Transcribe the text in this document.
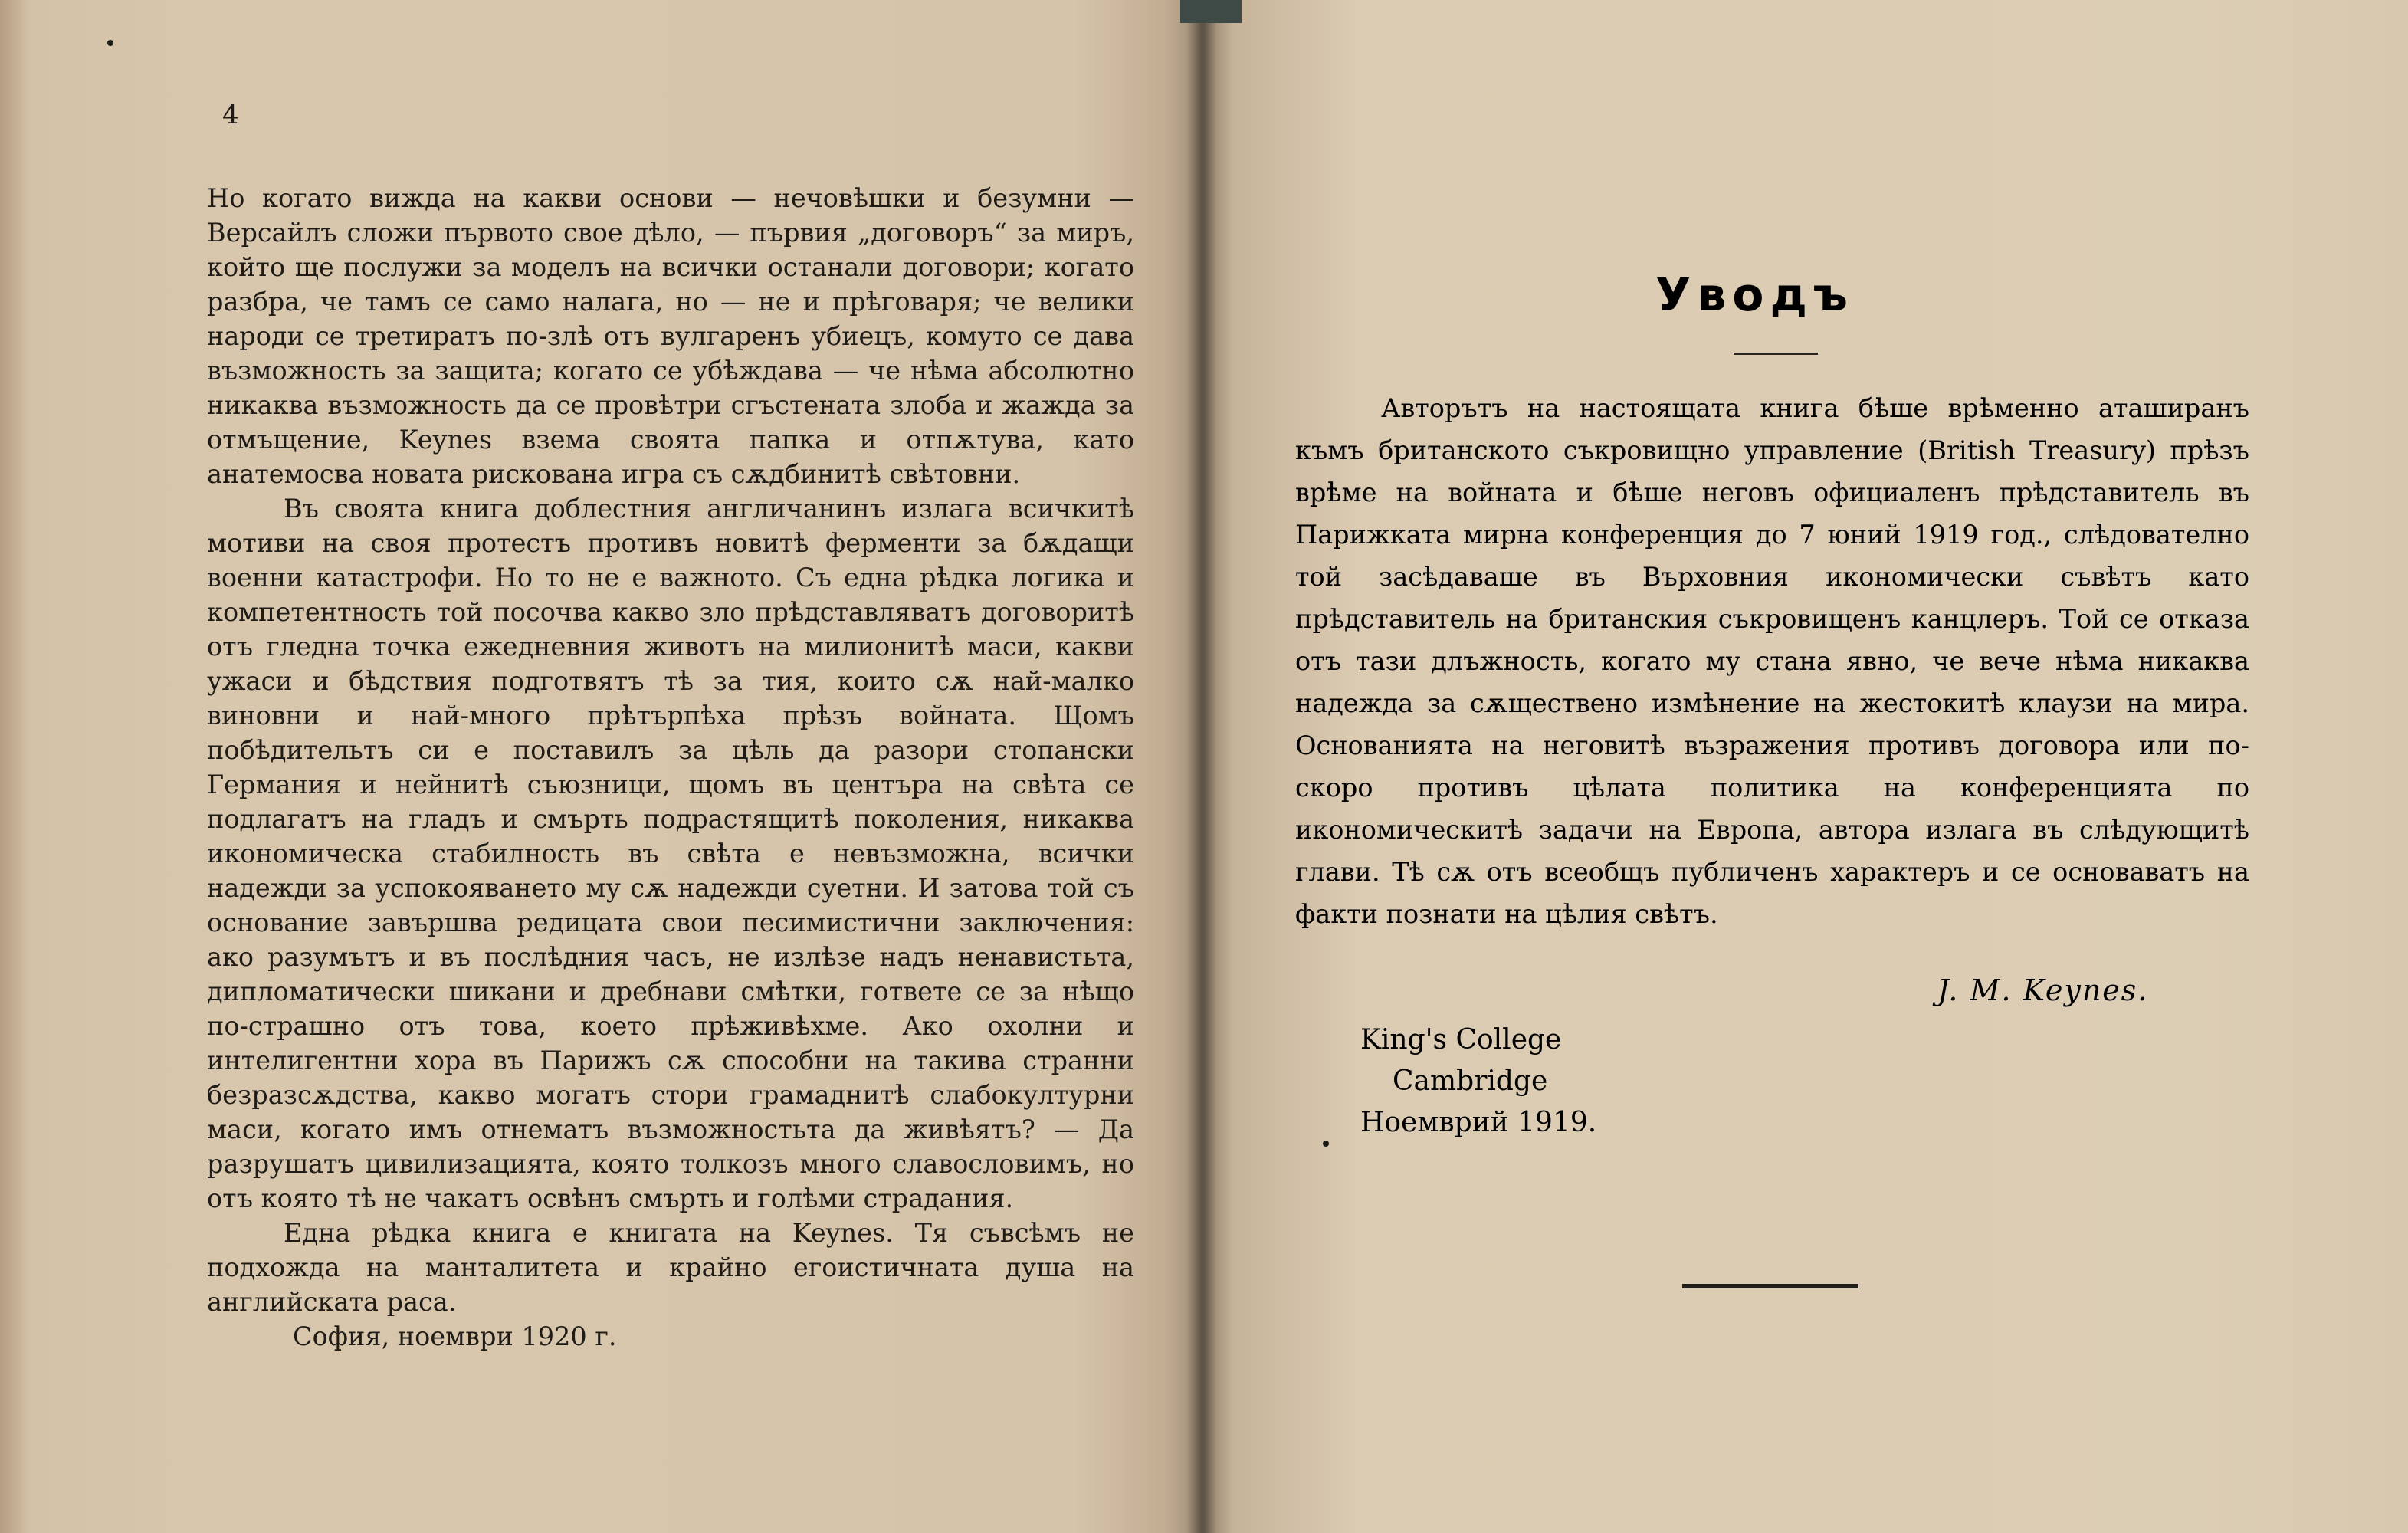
4

Но когато вижда на какви основи — нечовѣшки и безумни — Версайлъ сложи първото свое дѣло, — първия „договоръ“ за миръ, който ще послужи за моделъ на всички останали договори; когато разбра, че тамъ се само налага, но — не и прѣговаря; че велики народи се третиратъ по-злѣ отъ вулгаренъ убиецъ, комуто се дава възможность за защита; когато се убѣждава — че нѣма абсолютно никаква възможность да се провѣтри сгъстената злоба и жажда за отмъщение, Keynes взема своята папка и отпѫтува, като анатемосва новата рискована игра съ сѫдбинитѣ свѣтовни.

Въ своята книга доблестния англичанинъ излага всичкитѣ мотиви на своя протестъ противъ новитѣ ферменти за бѫдащи военни катастрофи. Но то не е важното. Съ една рѣдка логика и компетентность той посочва какво зло прѣдставляватъ договоритѣ отъ гледна точка ежедневния животъ на милионитѣ маси, какви ужаси и бѣдствия подготвятъ тѣ за тия, които сѫ най-малко виновни и най-много прѣтърпѣха прѣзъ войната. Щомъ побѣдительтъ си е поставилъ за цѣль да разори стопански Германия и нейнитѣ съюзници, щомъ въ центъра на свѣта се подлагатъ на гладъ и смърть подрастящитѣ поколения, никаква икономическа стабилность въ свѣта е невъзможна, всички надежди за успокояването му сѫ надежди суетни. И затова той съ основание завършва редицата свои песимистични заключения: ако разумътъ и въ послѣдния часъ, не излѣзе надъ ненавистьта, дипломатически шикани и дребнави смѣтки, гответе се за нѣщо по-страшно отъ това, което прѣживѣхме. Ако охолни и интелигентни хора въ Парижъ сѫ способни на такива странни безразсѫдства, какво могатъ стори грамаднитѣ слабокултурни маси, когато имъ отнематъ възможностьта да живѣятъ? — Да разрушатъ цивилизацията, която толкозъ много славословимъ, но отъ която тѣ не чакатъ освѣнъ смърть и голѣми страдания.

Една рѣдка книга е книгата на Keynes. Тя съвсѣмъ не подхожда на манталитета и крайно егоистичната душа на английската раса.

София, ноември 1920 г.

Уводъ

Авторътъ на настоящата книга бѣше врѣменно аташиранъ къмъ британското съкровищно управление (British Treasury) прѣзъ врѣме на войната и бѣше неговъ официаленъ прѣдставитель въ Парижката мирна конференция до 7 юний 1919 год., слѣдователно той засѣдаваше въ Върховния икономически съвѣтъ като прѣдставитель на британския съкровищенъ канцлеръ. Той се отказа отъ тази длъжность, когато му стана явно, че вече нѣма никаква надежда за сѫществено измѣнение на жестокитѣ клаузи на мира. Основанията на неговитѣ възражения противъ договора или по-скоро противъ цѣлата политика на конференцията по икономическитѣ задачи на Европа, автора излага въ слѣдующитѣ глави. Тѣ сѫ отъ всеобщъ публиченъ характеръ и се основаватъ на факти познати на цѣлия свѣтъ.

J. M. Keynes.
King's College
Cambridge
Ноемврий 1919.
